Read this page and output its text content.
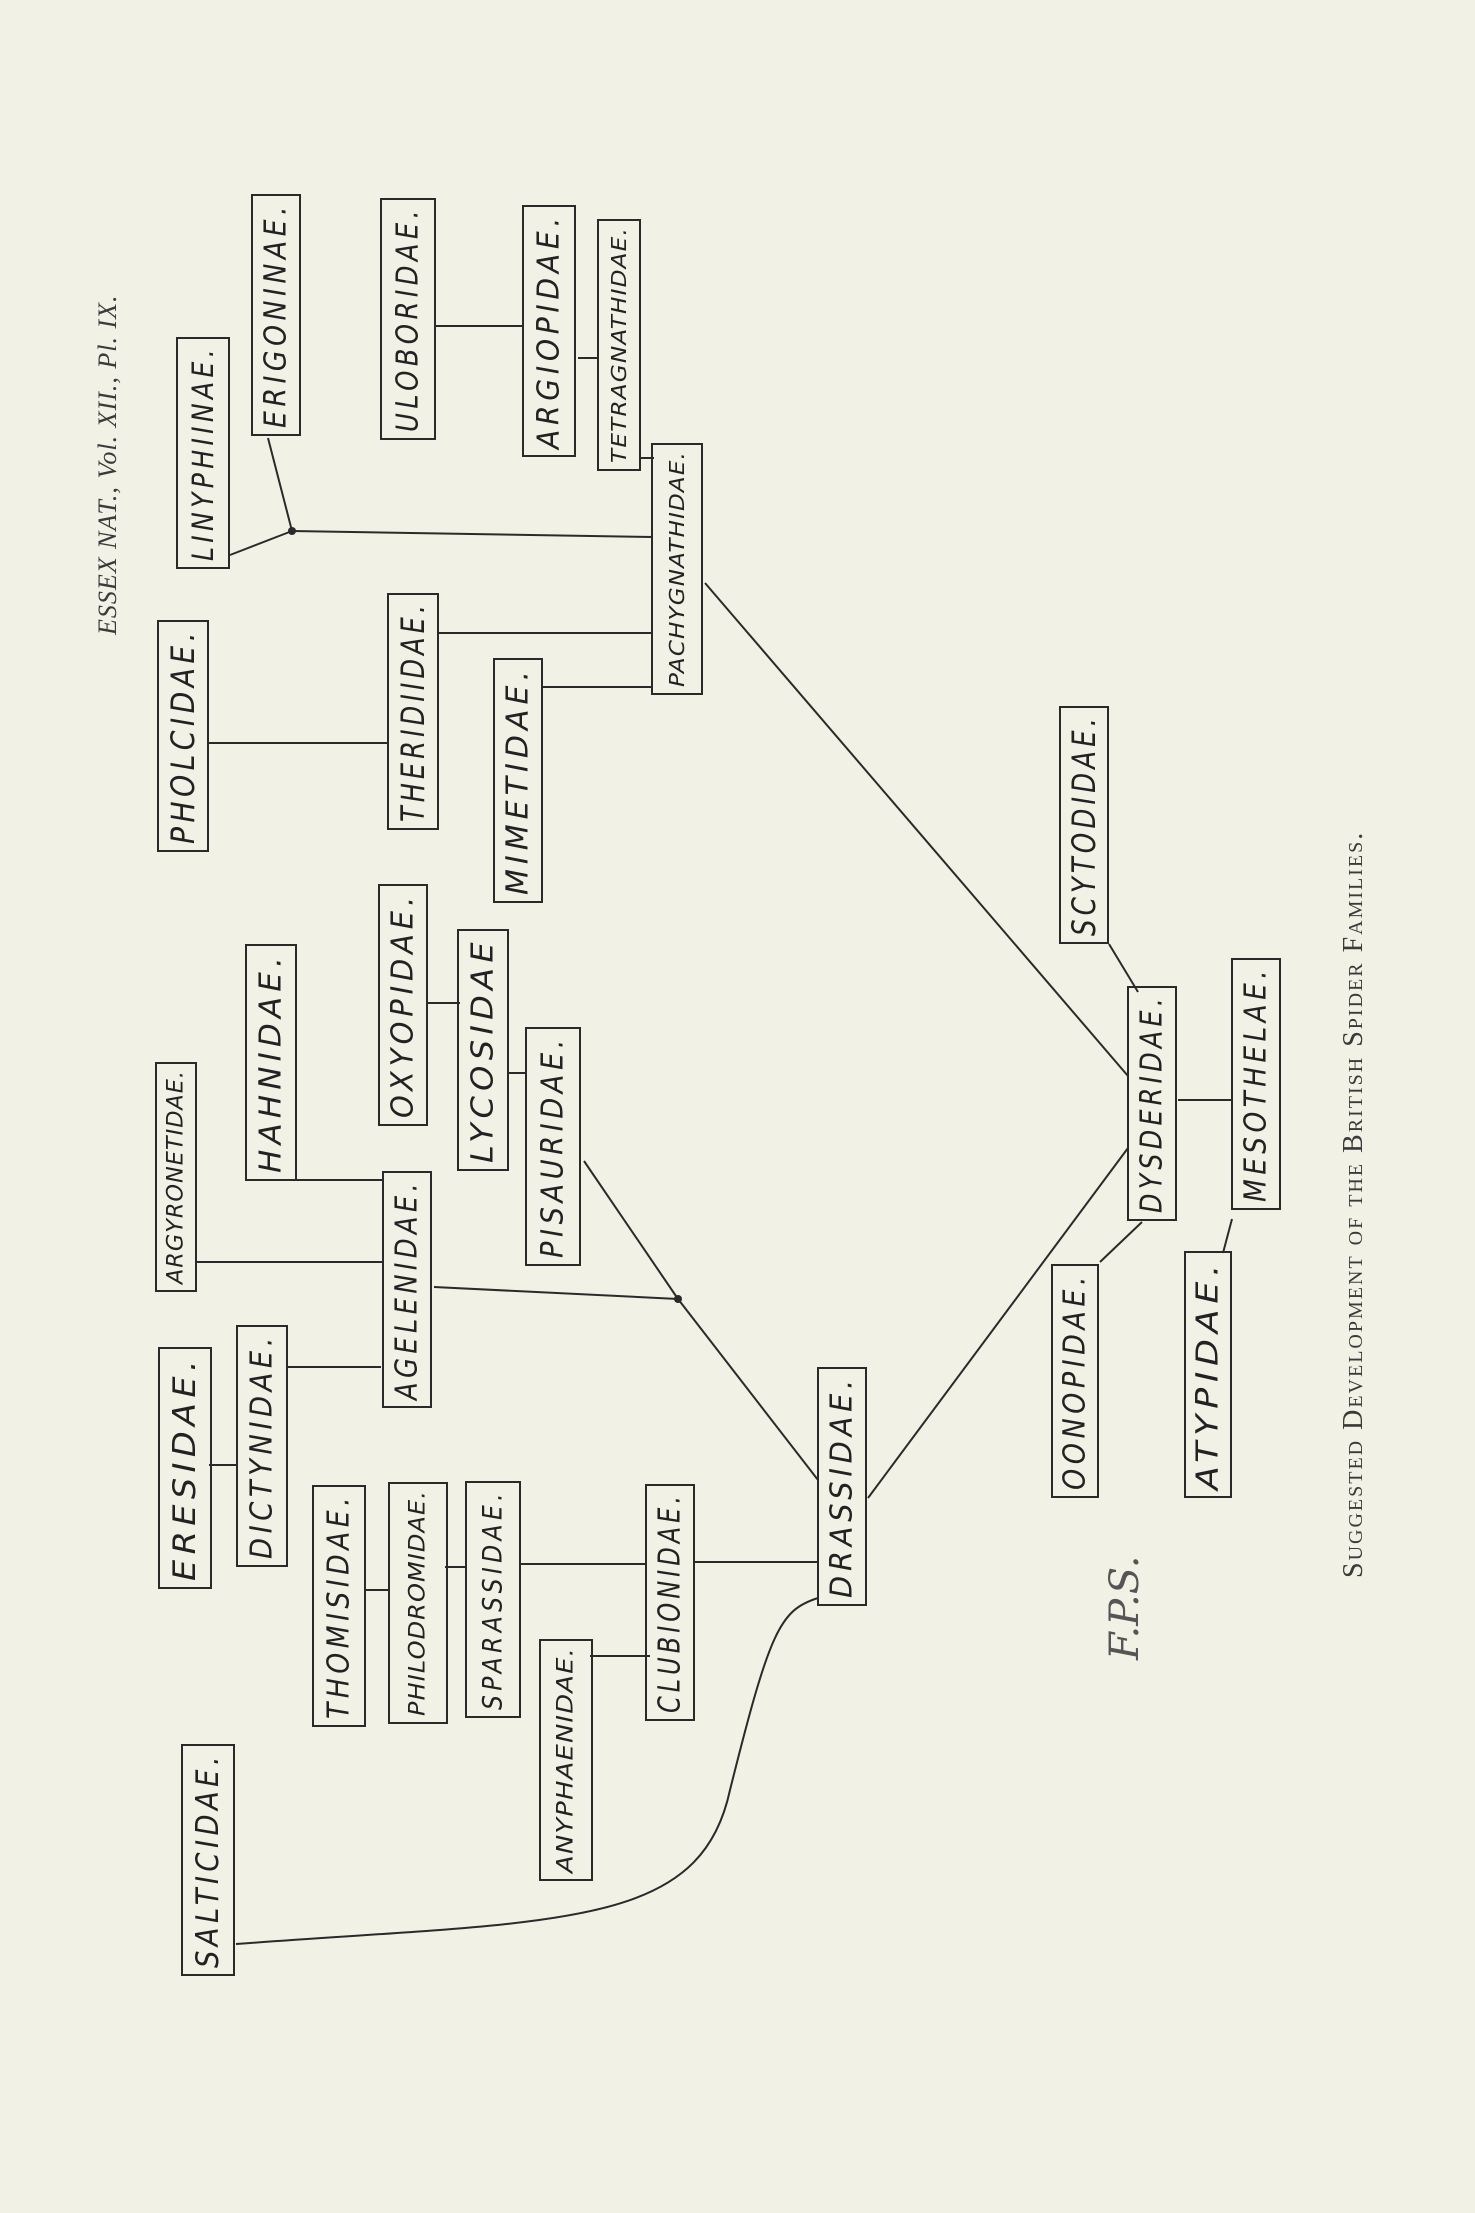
ESSEX NAT., Vol. XII., Pl. IX.
Suggested Development of the British Spider Families.
F.P.S.
SALTICIDAE.	ANYPHAENIDAE.
CLUBIONIDAE.
THOMISIDAE. PHILODROMIDAE. SPARASSIDAE.
ERESIDAE. DICTYNIDAE.	DRASSIDAE.
ARGYRONETIDAE.	AGELENIDAE.
HAHNIDAE.	OXYOPIDAE. LYCOSIDAE PISAURIDAE.
PHOLCIDAE.	THERIDIIDAE. MIMETIDAE.
LINYPHIINAE.
ERIGONINAE.	ULOBORIDAE.	ARGIOPIDAE. TETRAGNATHIDAE.
PACHYGNATHIDAE.
SCYTODIDAE.
DYSDERIDAE.
OONOPIDAE.	ATYPIDAE.
MESOTHELAE.
